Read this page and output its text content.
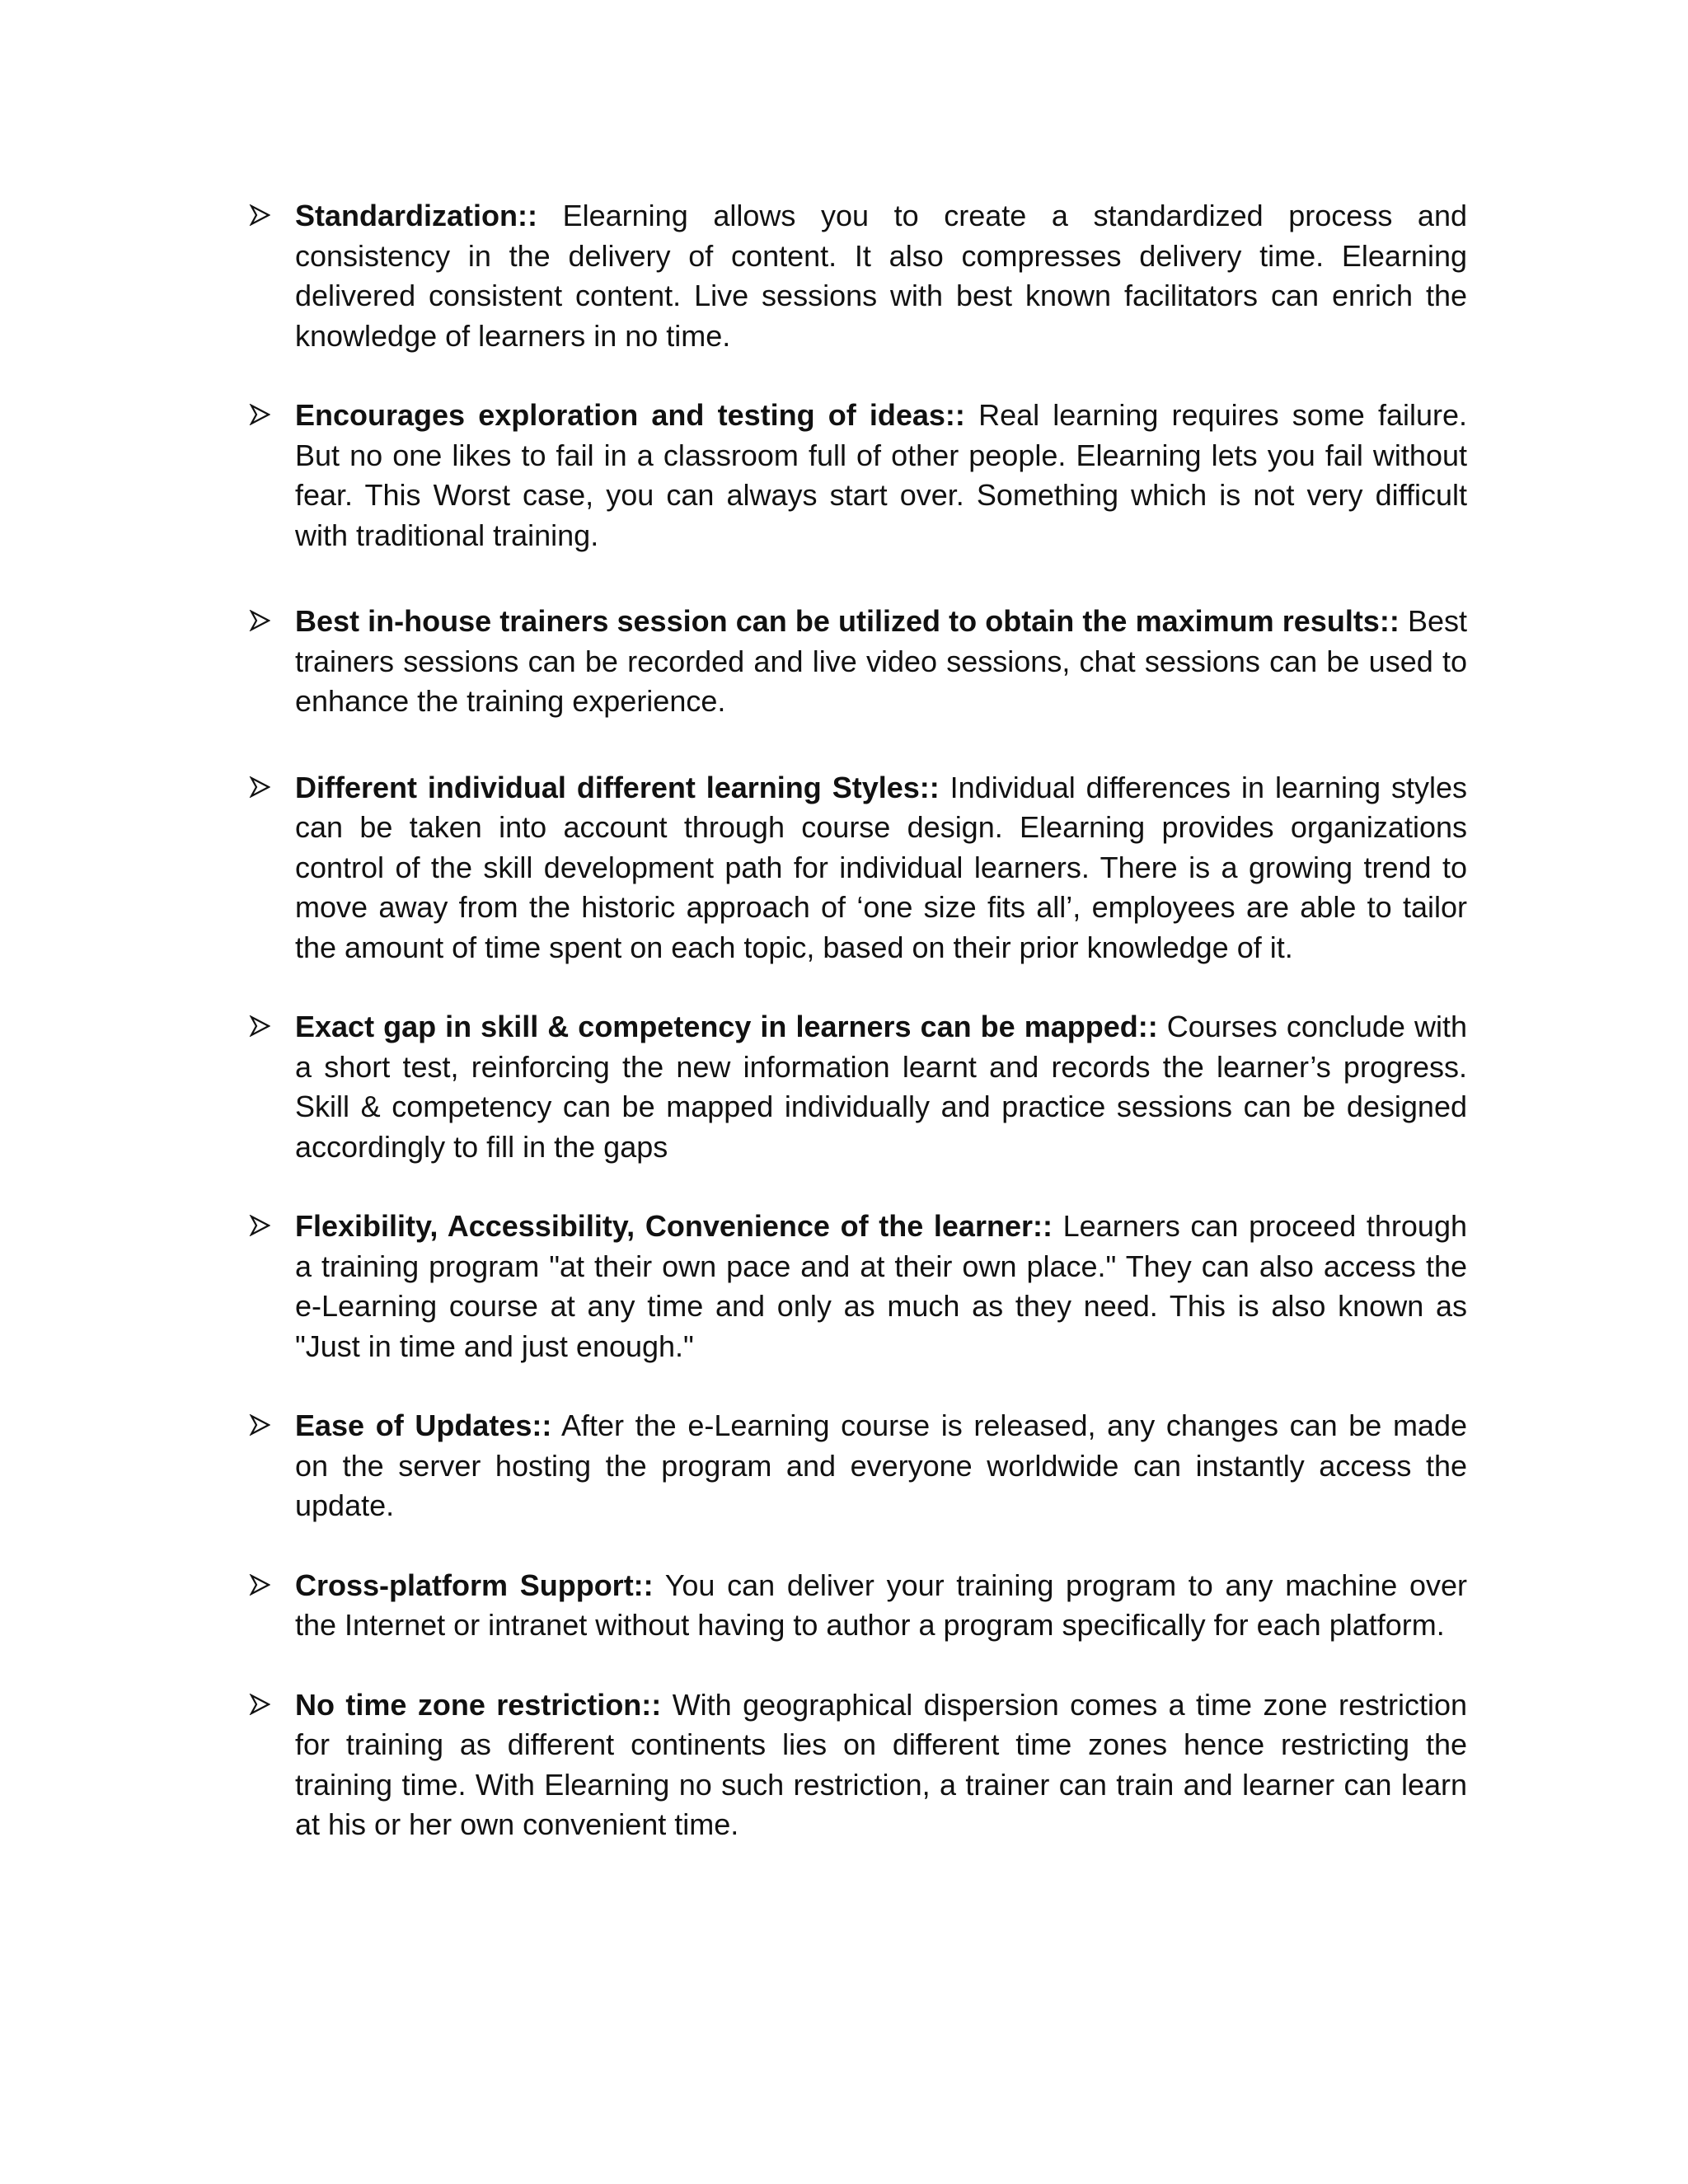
Standardization:: Elearning allows you to create a standardized process and consistency in the delivery of content. It also compresses delivery time. Elearning delivered consistent content. Live sessions with best known facilitators can enrich the knowledge of learners in no time.
Encourages exploration and testing of ideas:: Real learning requires some failure. But no one likes to fail in a classroom full of other people. Elearning lets you fail without fear. This Worst case, you can always start over. Something which is not very difficult with traditional training.
Best in-house trainers session can be utilized to obtain the maximum results:: Best trainers sessions can be recorded and live video sessions, chat sessions can be used to enhance the training experience.
Different individual different learning Styles:: Individual differences in learning styles can be taken into account through course design. Elearning provides organizations control of the skill development path for individual learners. There is a growing trend to move away from the historic approach of ‘one size fits all’, employees are able to tailor the amount of time spent on each topic, based on their prior knowledge of it.
Exact gap in skill & competency in learners can be mapped:: Courses conclude with a short test, reinforcing the new information learnt and records the learner’s progress. Skill & competency can be mapped individually and practice sessions can be designed accordingly to fill in the gaps
Flexibility, Accessibility, Convenience of the learner:: Learners can proceed through a training program "at their own pace and at their own place." They can also access the e-Learning course at any time and only as much as they need. This is also known as "Just in time and just enough."
Ease of Updates:: After the e-Learning course is released, any changes can be made on the server hosting the program and everyone worldwide can instantly access the update.
Cross-platform Support:: You can deliver your training program to any machine over the Internet or intranet without having to author a program specifically for each platform.
No time zone restriction:: With geographical dispersion comes a time zone restriction for training as different continents lies on different time zones hence restricting the training time. With Elearning no such restriction, a trainer can train and learner can learn at his or her own convenient time.
